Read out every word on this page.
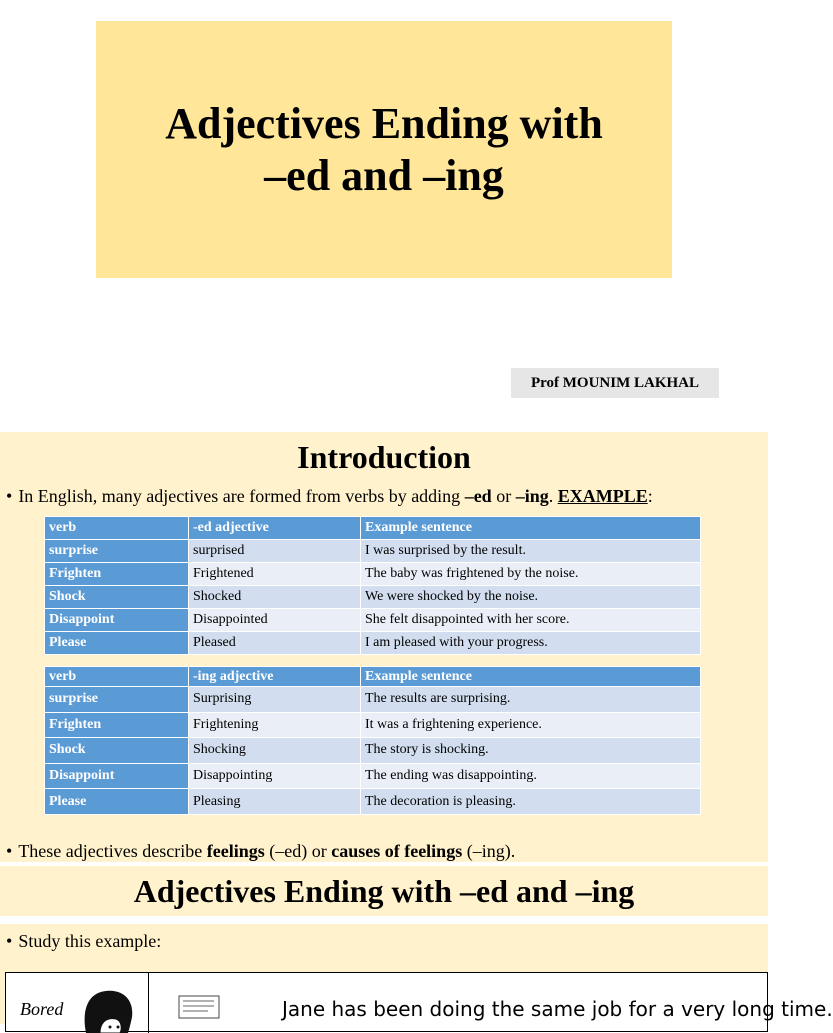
Adjectives Ending with
–ed and –ing
Prof MOUNIM LAKHAL
Introduction
• In English, many adjectives are formed from verbs by adding –ed or –ing. EXAMPLE:
verb	-ed adjective	Example sentence
surprise	surprised	I was surprised by the result.
Frighten	Frightened	The baby was frightened by the noise.
Shock	Shocked	We were shocked by the noise.
Disappoint	Disappointed	She felt disappointed with her score.
Please	Pleased	I am pleased with your progress.
verb	-ing adjective	Example sentence
surprise	Surprising	The results are surprising.
Frighten	Frightening	It was a frightening experience.
Shock	Shocking	The story is shocking.
Disappoint	Disappointing	The ending was disappointing.
Please	Pleasing	The decoration is pleasing.
• These adjectives describe feelings (–ed) or causes of feelings (–ing).
Adjectives Ending with –ed and –ing
• Study this example:
Bored	Jane has been doing the same job for a very long time.
